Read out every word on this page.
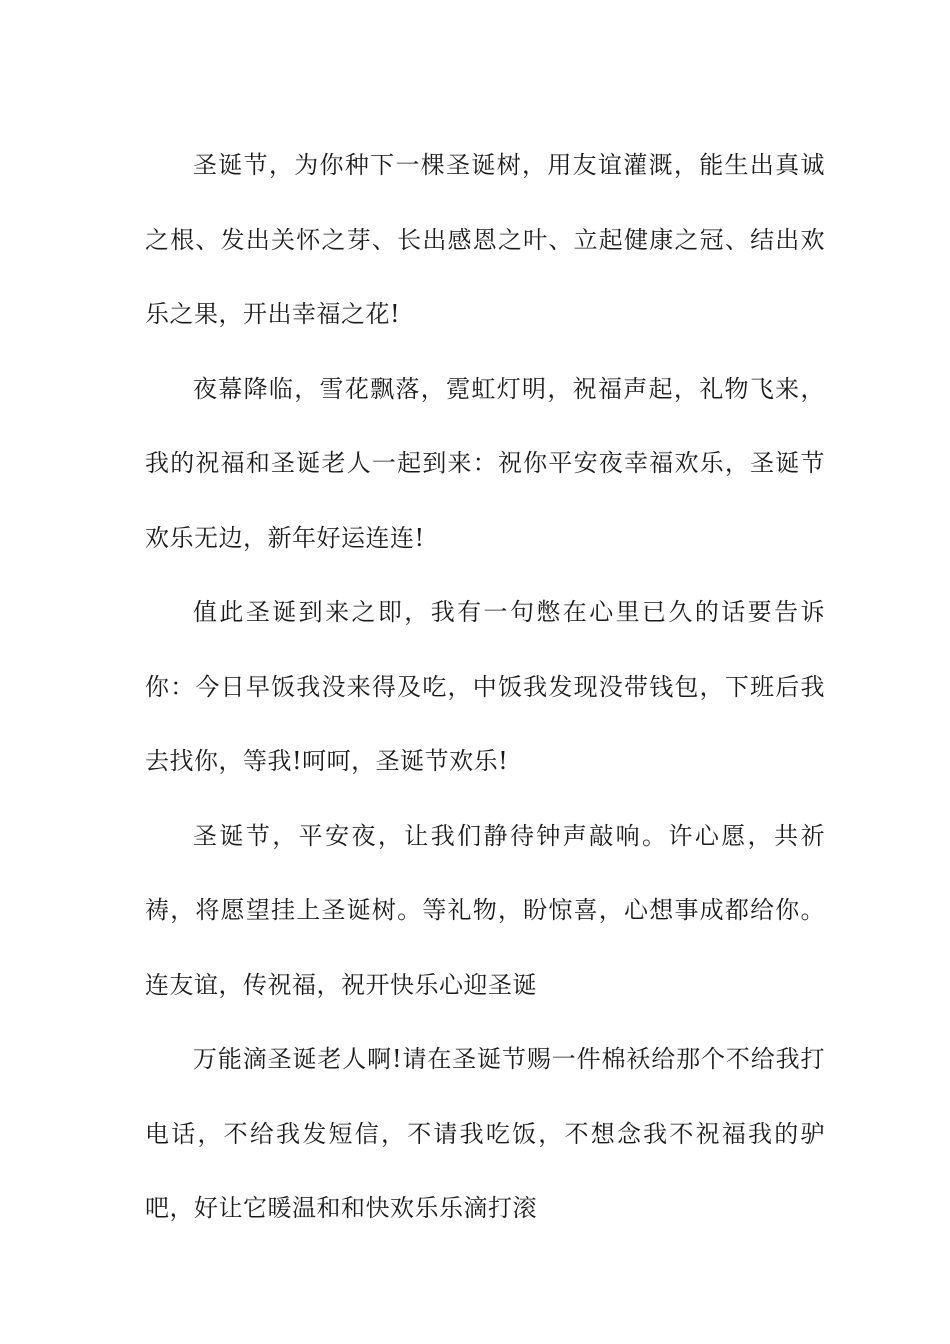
圣诞节，为你种下一棵圣诞树，用友谊灌溉，能生出真诚之根、发出关怀之芽、长出感恩之叶、立起健康之冠、结出欢乐之果，开出幸福之花!

夜幕降临，雪花飘落，霓虹灯明，祝福声起，礼物飞来，我的祝福和圣诞老人一起到来：祝你平安夜幸福欢乐，圣诞节欢乐无边，新年好运连连!

值此圣诞到来之即，我有一句憋在心里已久的话要告诉你：今日早饭我没来得及吃，中饭我发现没带钱包，下班后我去找你，等我!呵呵，圣诞节欢乐!

圣诞节，平安夜，让我们静待钟声敲响。许心愿，共祈祷，将愿望挂上圣诞树。等礼物，盼惊喜，心想事成都给你。连友谊，传祝福，祝开快乐心迎圣诞

万能滴圣诞老人啊!请在圣诞节赐一件棉袄给那个不给我打电话，不给我发短信，不请我吃饭，不想念我不祝福我的驴吧，好让它暖温和和快欢乐乐滴打滚
